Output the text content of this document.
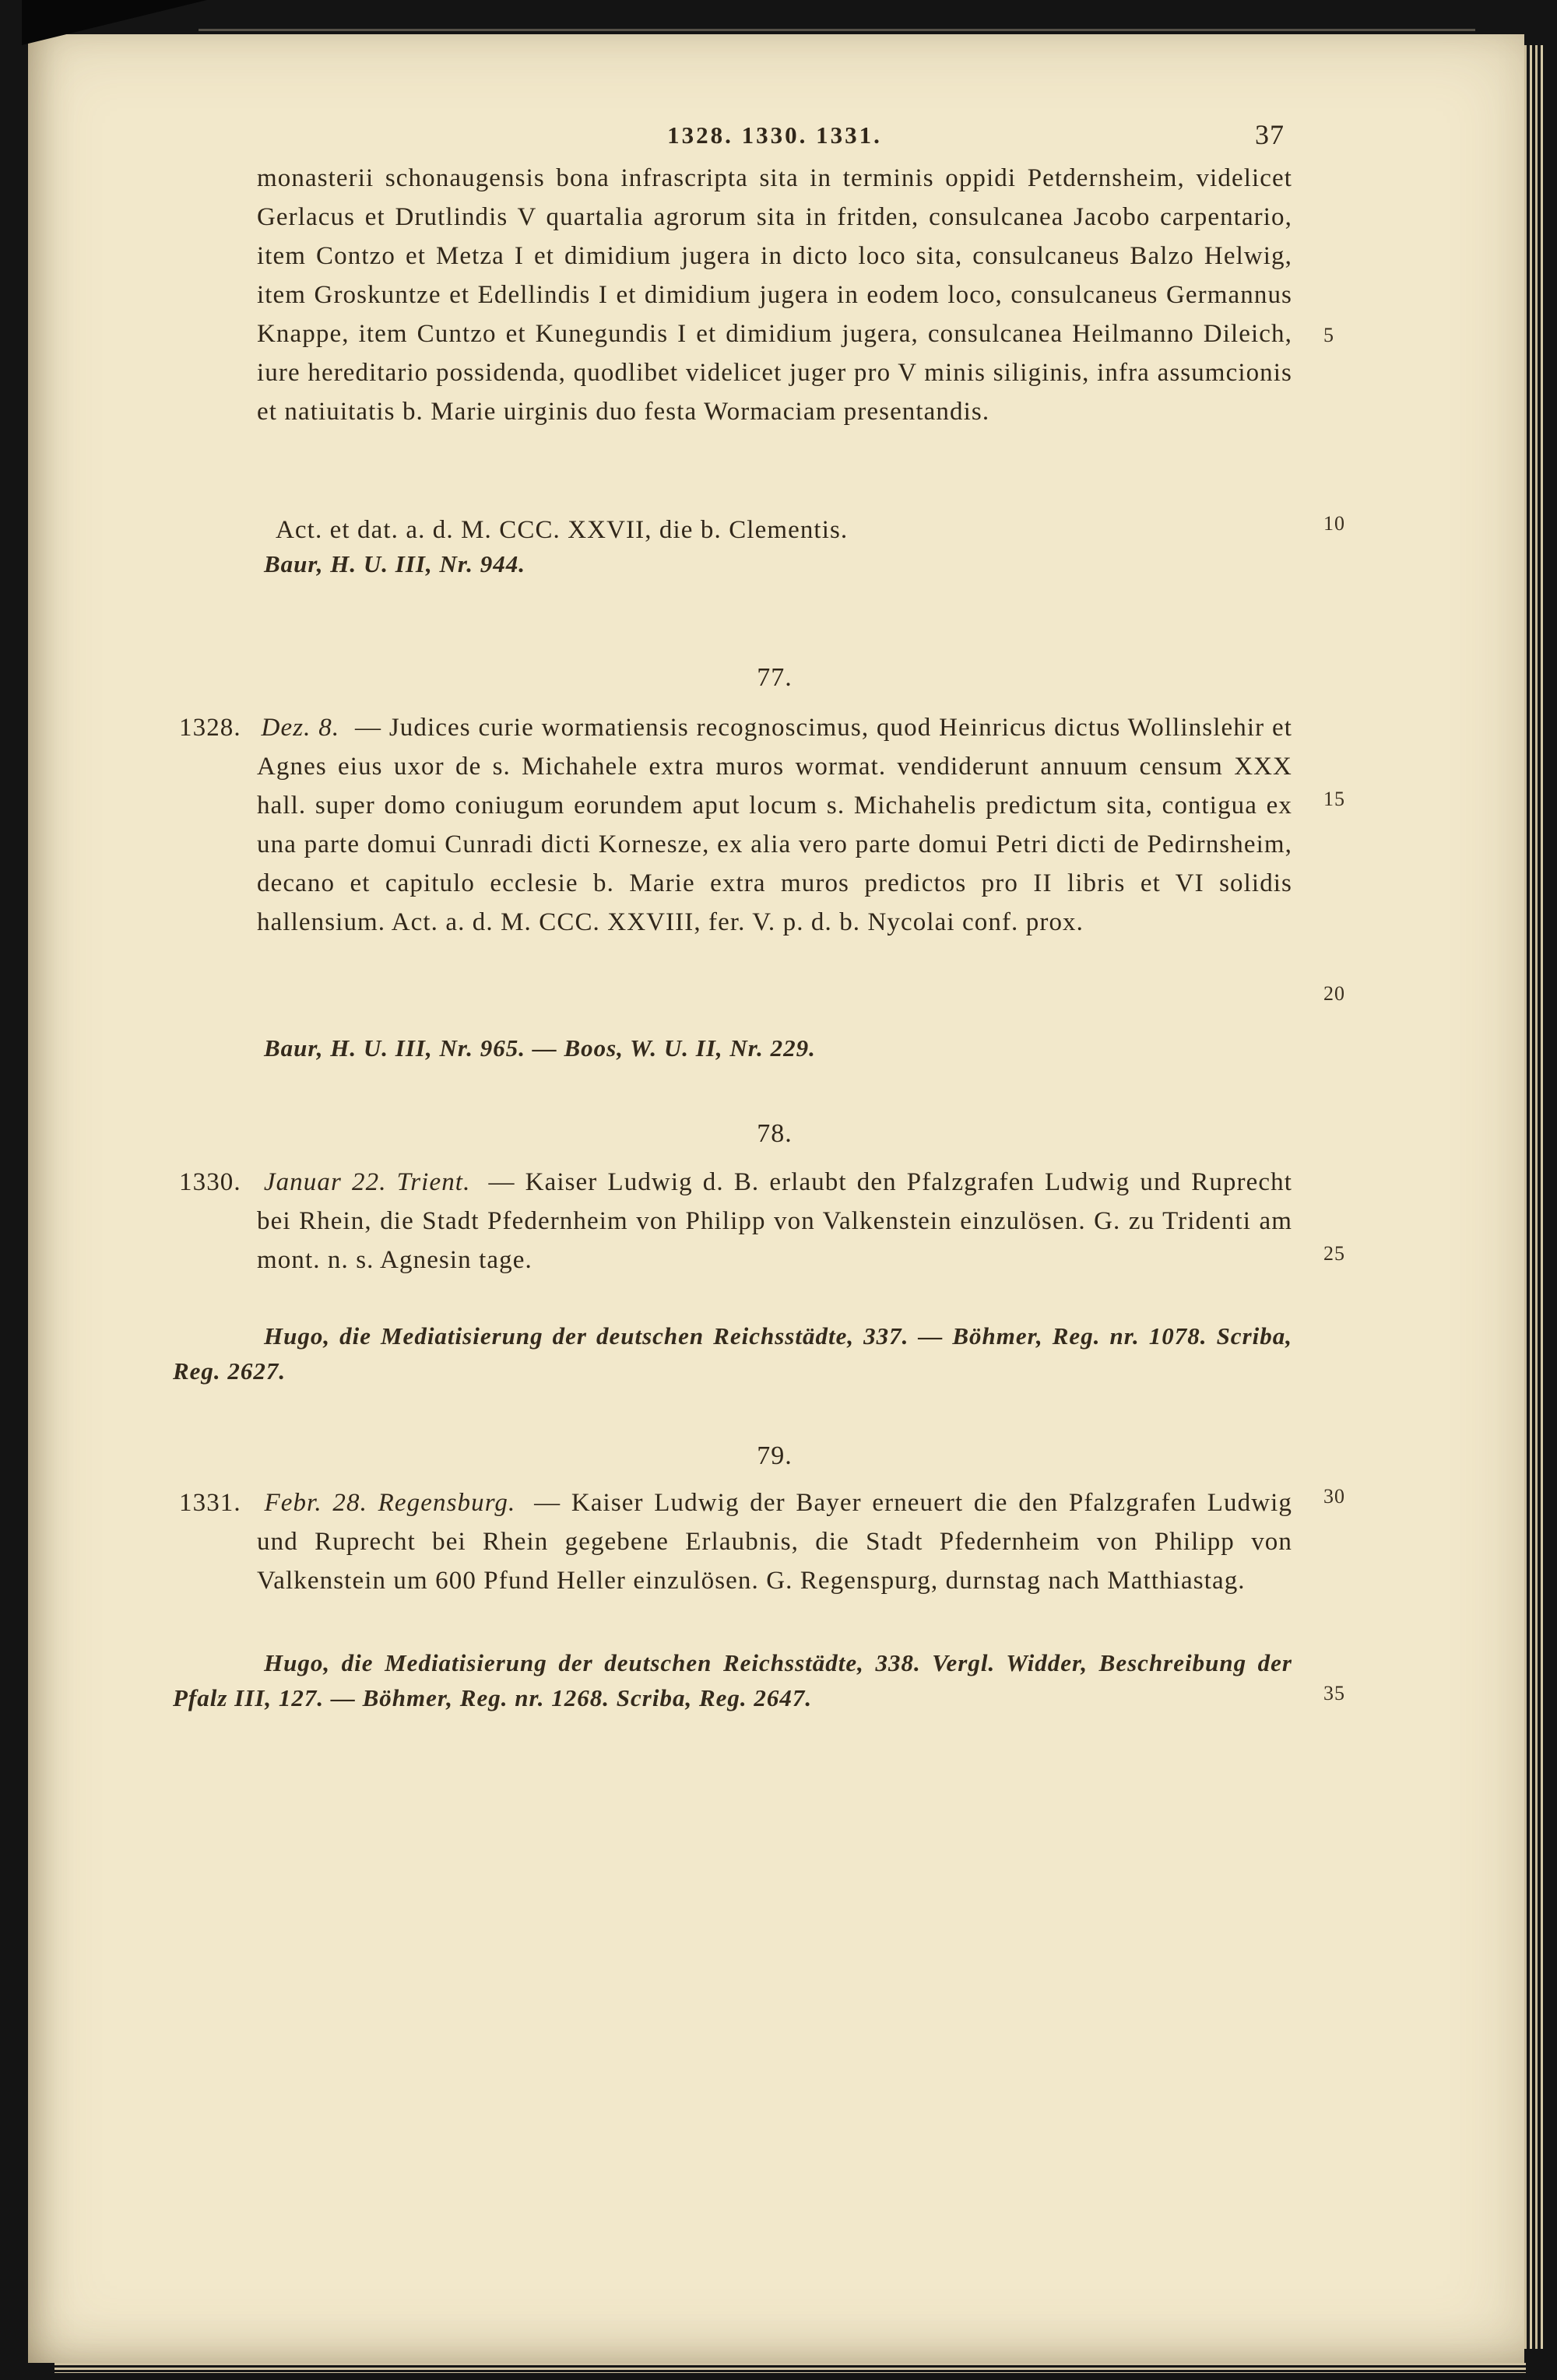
1328. 1330. 1331.	37
monasterii schonaugensis bona infrascripta sita in terminis oppidi Petdernsheim, videlicet Gerlacus et Drutlindis V quartalia agrorum sita in fritden, consulcanea Jacobo carpentario, item Contzo et Metza I et dimidium jugera in dicto loco sita, consulcaneus Balzo Helwig, item Groskuntze et Edellindis I et dimidium jugera in eodem loco, consulcaneus Germannus Knappe, item Cuntzo et Kunegundis I et dimidium jugera, consulcanea Heilmanno Dileich, iure hereditario possidenda, quodlibet videlicet juger pro V minis siliginis, infra assumcionis et natiuitatis b. Marie uirginis duo festa Wormaciam presentandis.
Act. et dat. a. d. M. CCC. XXVII, die b. Clementis.
Baur, H. U. III, Nr. 944.
77.
1328. Dez. 8. — Judices curie wormatiensis recognoscimus, quod Heinricus dictus Wollinslehir et Agnes eius uxor de s. Michahele extra muros wormat. vendiderunt annuum censum XXX hall. super domo coniugum eorundem aput locum s. Michahelis predictum sita, contigua ex una parte domui Cunradi dicti Kornesze, ex alia vero parte domui Petri dicti de Pedirnsheim, decano et capitulo ecclesie b. Marie extra muros predictos pro II libris et VI solidis hallensium. Act. a. d. M. CCC. XXVIII, fer. V. p. d. b. Nycolai conf. prox.
Baur, H. U. III, Nr. 965. — Boos, W. U. II, Nr. 229.
78.
1330. Januar 22. Trient. — Kaiser Ludwig d. B. erlaubt den Pfalzgrafen Ludwig und Ruprecht bei Rhein, die Stadt Pfedernheim von Philipp von Valkenstein einzulösen. G. zu Tridenti am mont. n. s. Agnesin tage.
Hugo, die Mediatisierung der deutschen Reichsstädte, 337. — Böhmer, Reg. nr. 1078. Scriba, Reg. 2627.
79.
1331. Febr. 28. Regensburg. — Kaiser Ludwig der Bayer erneuert die den Pfalzgrafen Ludwig und Ruprecht bei Rhein gegebene Erlaubnis, die Stadt Pfedernheim von Philipp von Valkenstein um 600 Pfund Heller einzulösen. G. Regenspurg, durnstag nach Matthiastag.
Hugo, die Mediatisierung der deutschen Reichsstädte, 338. Vergl. Widder, Beschreibung der Pfalz III, 127. — Böhmer, Reg. nr. 1268. Scriba, Reg. 2647.
5
10
15
20
25
30
35
